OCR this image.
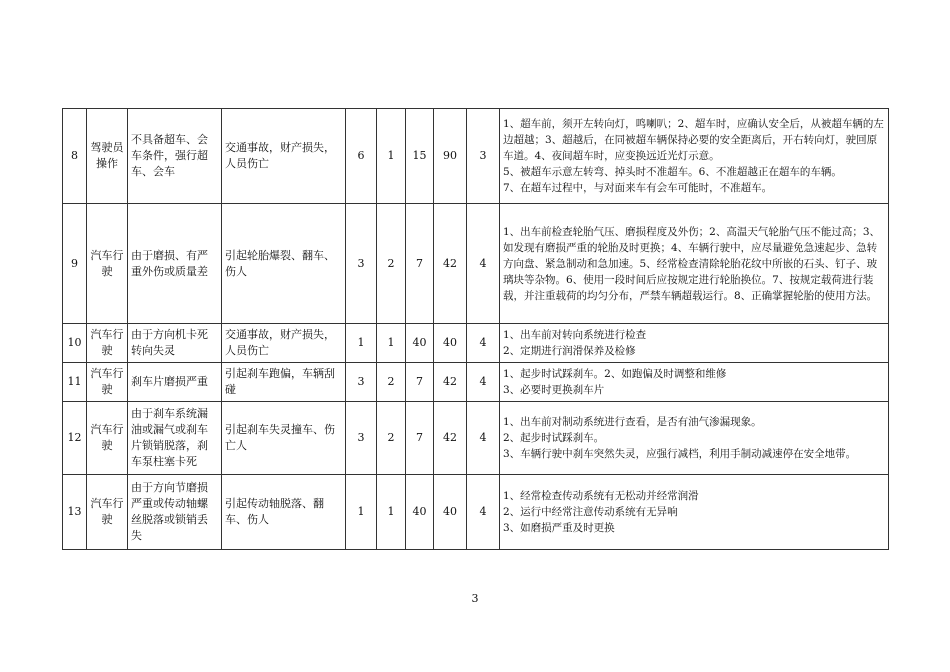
8	驾驶员操作	不具备超车、会车条件，强行超车、会车	交通事故，财产损失，人员伤亡	6	1	15	90	3	1、超车前，须开左转向灯，鸣喇叭；2、超车时，应确认安全后，从被超车辆的左边超越；3、超越后，在同被超车辆保持必要的安全距离后，开右转向灯，驶回原车道。4、夜间超车时，应变换远近光灯示意。
5、被超车示意左转弯、掉头时不准超车。6、不准超越正在超车的车辆。
7、在超车过程中，与对面来车有会车可能时，不准超车。

9	汽车行驶	由于磨损、有严重外伤或质量差	引起轮胎爆裂、翻车、伤人	3	2	7	42	4	1、出车前检查轮胎气压、磨损程度及外伤；2、高温天气轮胎气压不能过高；3、如发现有磨损严重的轮胎及时更换；4、车辆行驶中，应尽量避免急速起步、急转方向盘、紧急制动和急加速。5、经常检查清除轮胎花纹中所嵌的石头、钉子、玻璃块等杂物。6、使用一段时间后应按规定进行轮胎换位。7、按规定载荷进行装载，并注重载荷的均匀分布，严禁车辆超载运行。8、正确掌握轮胎的使用方法。

10	汽车行驶	由于方向机卡死转向失灵	交通事故，财产损失，人员伤亡	1	1	40	40	4	1、出车前对转向系统进行检查
2、定期进行润滑保养及检修

11	汽车行驶	刹车片磨损严重	引起刹车跑偏，车辆刮碰	3	2	7	42	4	1、起步时试踩刹车。2、如跑偏及时调整和维修
3、必要时更换刹车片

12	汽车行驶	由于刹车系统漏油或漏气或刹车片锁销脱落，刹车泵柱塞卡死	引起刹车失灵撞车、伤亡人	3	2	7	42	4	1、出车前对制动系统进行查看，是否有油气渗漏现象。
2、起步时试踩刹车。
3、车辆行驶中刹车突然失灵，应强行减档，利用手制动减速停在安全地带。

13	汽车行驶	由于方向节磨损严重或传动轴螺丝脱落或锁销丢失	引起传动轴脱落、翻车、伤人	1	1	40	40	4	1、经常检查传动系统有无松动并经常润滑
2、运行中经常注意传动系统有无异响
3、如磨损严重及时更换
3
